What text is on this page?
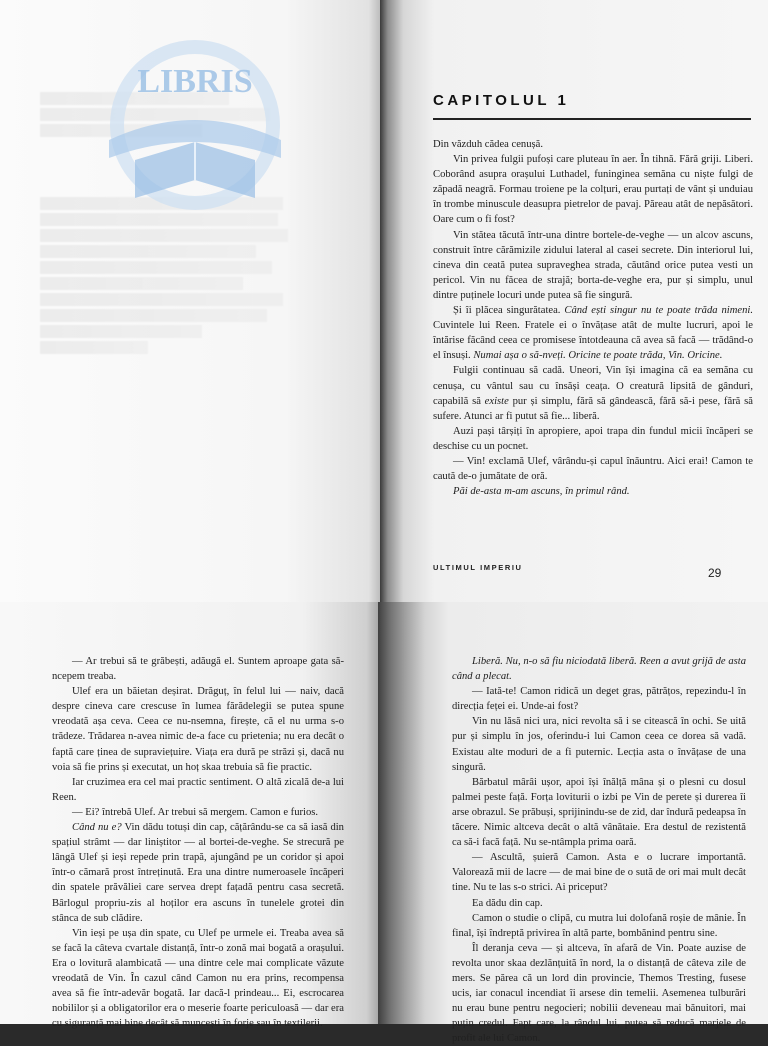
LIBRIS
CAPITOLUL 1

Din văzduh cădea cenușă.

Vin privea fulgii pufoși care pluteau în aer. În tihnă. Fără griji. Liberi. Coborând asupra orașului Luthadel, funinginea semăna cu niște fulgi de zăpadă neagră. Formau troiene pe la colțuri, erau purtați de vânt și unduiau în trombe minuscule deasupra pietrelor de pavaj. Păreau atât de nepăsători. Oare cum o fi fost?

Vin stătea tăcută într-una dintre bortele-de-veghe — un alcov ascuns, construit între cărămizile zidului lateral al casei secrete. Din interiorul lui, cineva din ceată putea supraveghea strada, căutând orice putea vesti un pericol. Vin nu făcea de strajă; borta-de-veghe era, pur și simplu, unul dintre puținele locuri unde putea să fie singură.

Și îi plăcea singurătatea. Când ești singur nu te poate trăda nimeni. Cuvintele lui Reen. Fratele ei o învățase atât de multe lucruri, apoi le întărise făcând ceea ce promisese întotdeauna că avea să facă — trădând-o el însuși. Numai așa o să-nveți. Oricine te poate trăda, Vin. Oricine.

Fulgii continuau să cadă. Uneori, Vin își imagina că ea semăna cu cenușa, cu vântul sau cu însăși ceața. O creatură lipsită de gânduri, capabilă să existe pur și simplu, fără să gândească, fără să-i pese, fără să sufere. Atunci ar fi putut să fie... liberă.

Auzi pași târșiți în apropiere, apoi trapa din fundul micii încăperi se deschise cu un pocnet.

— Vin! exclamă Ulef, vârându-și capul înăuntru. Aici erai! Camon te caută de-o jumătate de oră.

Păi de-asta m-am ascuns, în primul rând.

ULTIMUL IMPERIU	29

— Ar trebui să te grăbești, adăugă el. Suntem aproape gata să-ncepem treaba.

Ulef era un băietan deșirat. Drăguț, în felul lui — naiv, dacă despre cineva care crescuse în lumea fărădelegii se putea spune vreodată așa ceva. Ceea ce nu-nsemna, firește, că el nu urma s-o trădeze. Trădarea n-avea nimic de-a face cu prietenia; nu era decât o faptă care ținea de supraviețuire. Viața era dură pe străzi și, dacă nu voia să fie prins și executat, un hoț skaa trebuia să fie practic.

Iar cruzimea era cel mai practic sentiment. O altă zicală de-a lui Reen.

— Ei? întrebă Ulef. Ar trebui să mergem. Camon e furios.

Când nu e? Vin dădu totuși din cap, cățărându-se ca să iasă din spațiul strâmt — dar liniștitor — al bortei-de-veghe. Se strecură pe lângă Ulef și ieși repede prin trapă, ajungând pe un coridor și apoi într-o cămară prost întreținută. Era una dintre numeroasele încăperi din spatele prăvăliei care servea drept fațadă pentru casa secretă. Bârlogul propriu-zis al hoților era ascuns în tunelele grotei din stânca de sub clădire.

Vin ieși pe ușa din spate, cu Ulef pe urmele ei. Treaba avea să se facă la câteva cvartale distanță, într-o zonă mai bogată a orașului. Era o lovitură alambicată — una dintre cele mai complicate văzute vreodată de Vin. În cazul când Camon nu era prins, recompensa avea să fie într-adevăr bogată. Iar dacă-l prindeau... Ei, escrocarea nobililor și a obligatorilor era o meserie foarte periculoasă — dar era cu siguranță mai bine decât să muncești în forje sau în textilerii.

Liberă. Nu, n-o să fiu niciodată liberă. Reen a avut grijă de asta când a plecat.

— Iată-te! Camon ridică un deget gras, pătrățos, repezindu-l în direcția feței ei. Unde-ai fost?

Vin nu lăsă nici ura, nici revolta să i se citească în ochi. Se uită pur și simplu în jos, oferindu-i lui Camon ceea ce dorea să vadă. Existau alte moduri de a fi puternic. Lecția asta o învățase de una singură.

Bărbatul mârâi ușor, apoi își înălță mâna și o plesni cu dosul palmei peste față. Forța loviturii o izbi pe Vin de perete și durerea îi arse obrazul. Se prăbuși, sprijinindu-se de zid, dar îndură pedeapsa în tăcere. Nimic altceva decât o altă vânătaie. Era destul de rezistentă ca să-i facă față. Nu se-ntâmpla prima oară.

— Ascultă, șuieră Camon. Asta e o lucrare importantă. Valorează mii de lacre — de mai bine de o sută de ori mai mult decât tine. Nu te las s-o strici. Ai priceput?

Ea dădu din cap.

Camon o studie o clipă, cu mutra lui dolofană roșie de mânie. În final, își îndreptă privirea în altă parte, bombănind pentru sine.

Îl deranja ceva — și altceva, în afară de Vin. Poate auzise de revolta unor skaa dezlănțuită în nord, la o distanță de câteva zile de mers. Se părea că un lord din provincie, Themos Tresting, fusese ucis, iar conacul incendiat îi arsese din temelii. Asemenea tulburări nu erau bune pentru negocieri; nobilii deveneau mai bănuitori, mai puțin credul. Fapt care, la rândul lui, putea să reducă marjele de profit ale lui Camon.
